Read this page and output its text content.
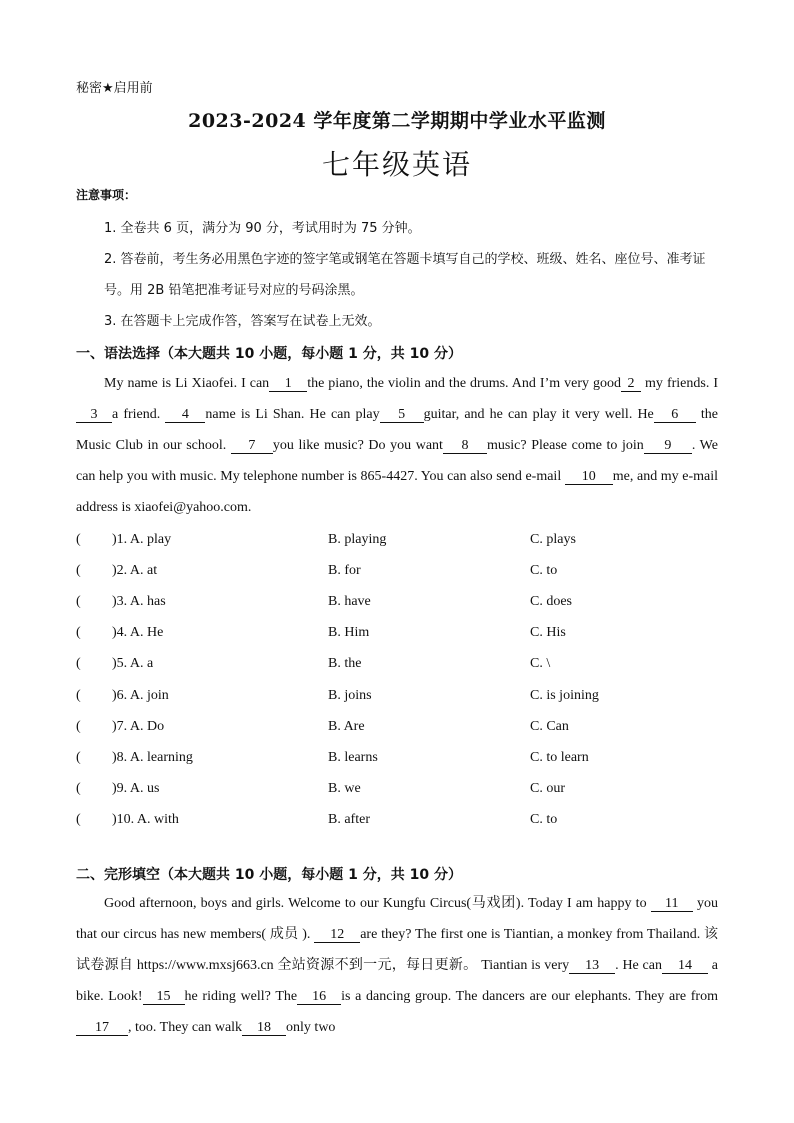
秘密★启用前
2023-2024 学年度第二学期期中学业水平监测
七年级英语
注意事项：
1. 全卷共 6 页，满分为 90 分，考试用时为 75 分钟。
2. 答卷前，考生务必用黑色字迹的签字笔或钢笔在答题卡填写自己的学校、班级、姓名、座位号、准考证号。用 2B 铅笔把准考证号对应的号码涂黑。
3. 在答题卡上完成作答，答案写在试卷上无效。
一、语法选择（本大题共 10 小题，每小题 1 分，共 10 分）
My name is Li Xiaofei. I can 1 the piano, the violin and the drums. And I’m very good 2 my friends. I3 a friend. 4 name is Li Shan. He can play 5 guitar, and he can play it very well. He 6 the Music Club in our school. 7 you like music? Do you want 8 music? Please come to join 9 . We can help you with music. My telephone number is 865-4427. You can also send e-mail 10 me, and my e-mail address is xiaofei@yahoo.com.
( )1. A. play	B. playing	C. plays
( )2. A. at	B. for	C. to
( )3. A. has	B. have	C. does
( )4. A. He	B. Him	C. His
( )5. A. a	B. the	C. \
( )6. A. join	B. joins	C. is joining
( )7. A. Do	B. Are	C. Can
( )8. A. learning	B. learns	C. to learn
( )9. A. us	B. we	C. our
( )10. A. with	B. after	C. to
二、完形填空（本大题共 10 小题，每小题 1 分，共 10 分）
Good afternoon, boys and girls. Welcome to our Kungfu Circus(马戏团). Today I am happy to 11 you that our circus has new members( 成员 ). 12 are they? The first one is Tiantian, a monkey from Thailand. 该试卷源自 https://www.mxsj663.cn 全站资源不到一元，每日更新。 Tiantian is very 13 . He can 14 a bike. Look! 15 he riding well? The 16 is a dancing group. The dancers are our elephants. They are from 17 , too. They can walk 18 only two
